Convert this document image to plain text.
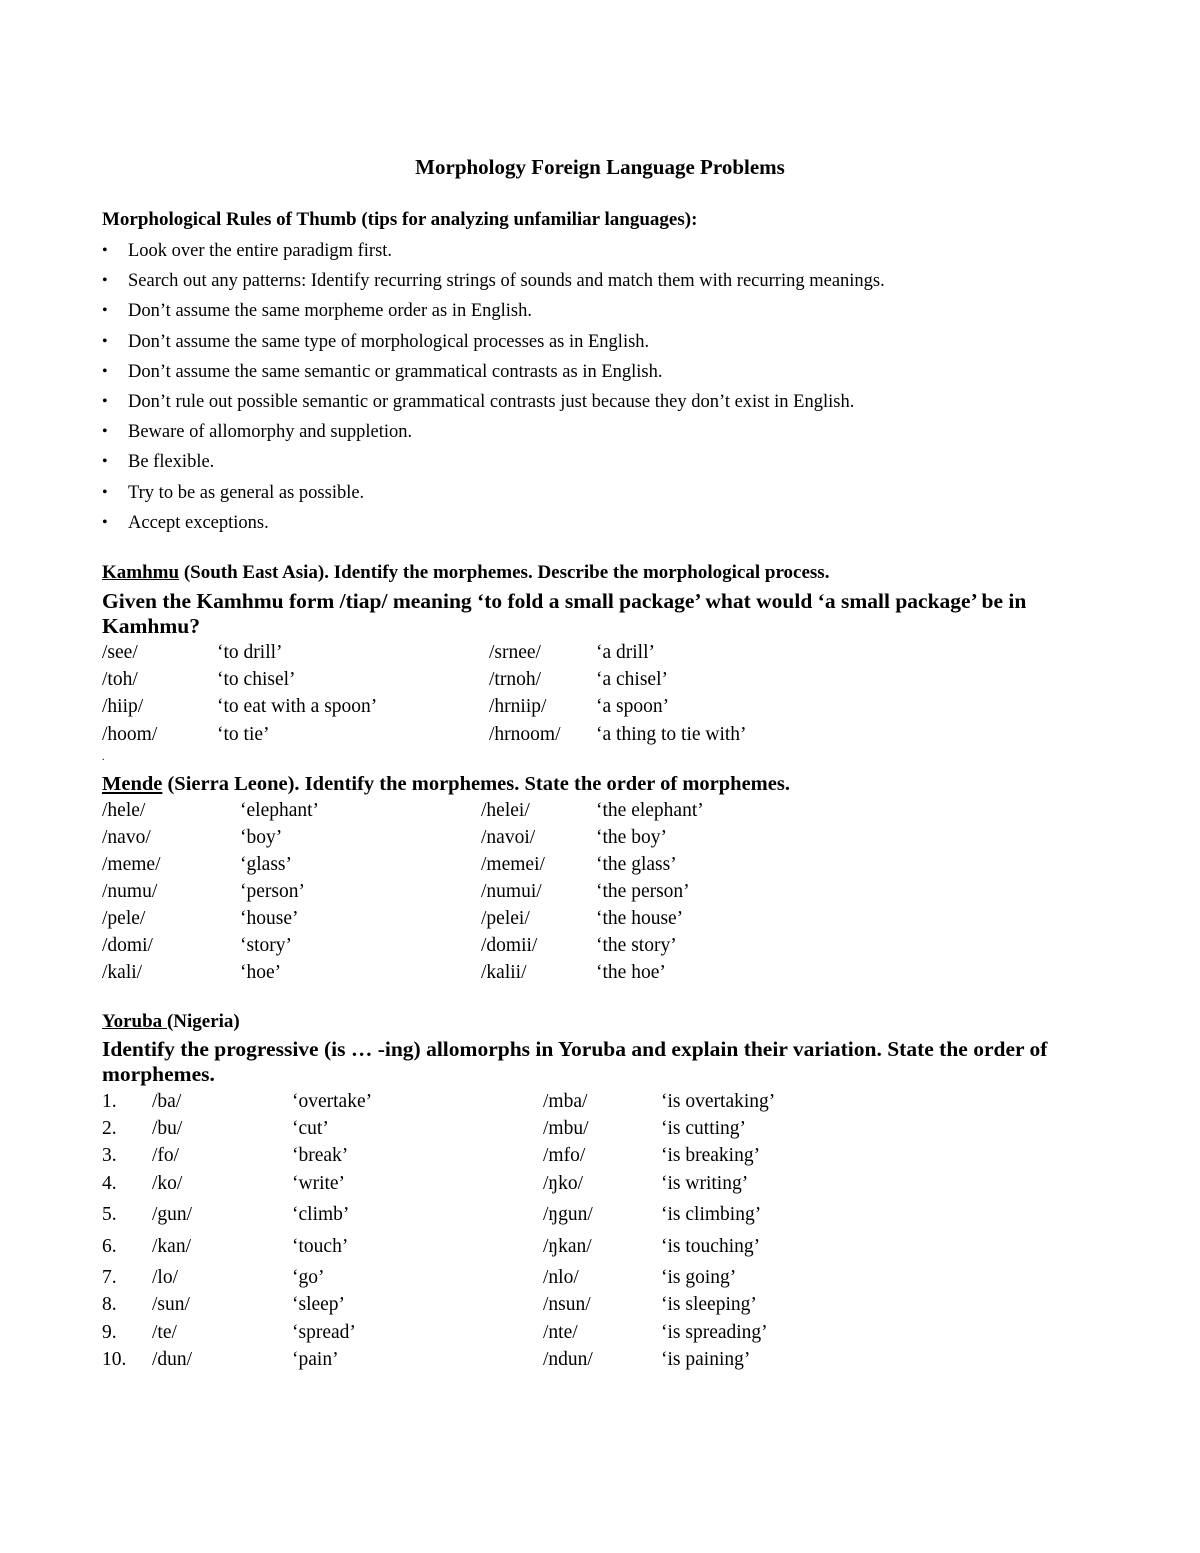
Morphology Foreign Language Problems
Morphological Rules of Thumb (tips for analyzing unfamiliar languages):
• Look over the entire paradigm first.
• Search out any patterns: Identify recurring strings of sounds and match them with recurring meanings.
• Don’t assume the same morpheme order as in English.
• Don’t assume the same type of morphological processes as in English.
• Don’t assume the same semantic or grammatical contrasts as in English.
• Don’t rule out possible semantic or grammatical contrasts just because they don’t exist in English.
• Beware of allomorphy and suppletion.
• Be flexible.
• Try to be as general as possible.
• Accept exceptions.
Kamhmu (South East Asia). Identify the morphemes. Describe the morphological process.
Given the Kamhmu form /tiap/ meaning ‘to fold a small package’ what would ‘a small package’ be in Kamhmu?
/see/	‘to drill’	/srnee/	‘a drill’
/toh/	‘to chisel’	/trnoh/	‘a chisel’
/hiip/	‘to eat with a spoon’	/hrniip/	‘a spoon’
/hoom/	‘to tie’	/hrnoom/ ‘a thing to tie with’
.
Mende (Sierra Leone). Identify the morphemes. State the order of morphemes.
/hele/	‘elephant’	/helei/	‘the elephant’
/navo/	‘boy’	/navoi/	‘the boy’
/meme/	‘glass’	/memei/	‘the glass’
/numu/	‘person’	/numui/	‘the person’
/pele/	‘house’	/pelei/	‘the house’
/domi/	‘story’	/domii/	‘the story’
/kali/	‘hoe’	/kalii/	‘the hoe’
Yoruba (Nigeria)
Identify the progressive (is … -ing) allomorphs in Yoruba and explain their variation. State the order of morphemes.
1. /ba/	‘overtake’	/mba/	‘is overtaking’
2. /bu/	‘cut’	/mbu/	‘is cutting’
3. /fo/	‘break’	/mfo/	‘is breaking’
4. /ko/	‘write’	/ŋko/	‘is writing’
5. /gun/	‘climb’	/ŋgun/	‘is climbing’
6. /kan/	‘touch’	/ŋkan/	‘is touching’
7. /lo/	‘go’	/nlo/	‘is going’
8. /sun/	‘sleep’	/nsun/	‘is sleeping’
9. /te/	‘spread’	/nte/	‘is spreading’
10. /dun/	‘pain’	/ndun/	‘is paining’
